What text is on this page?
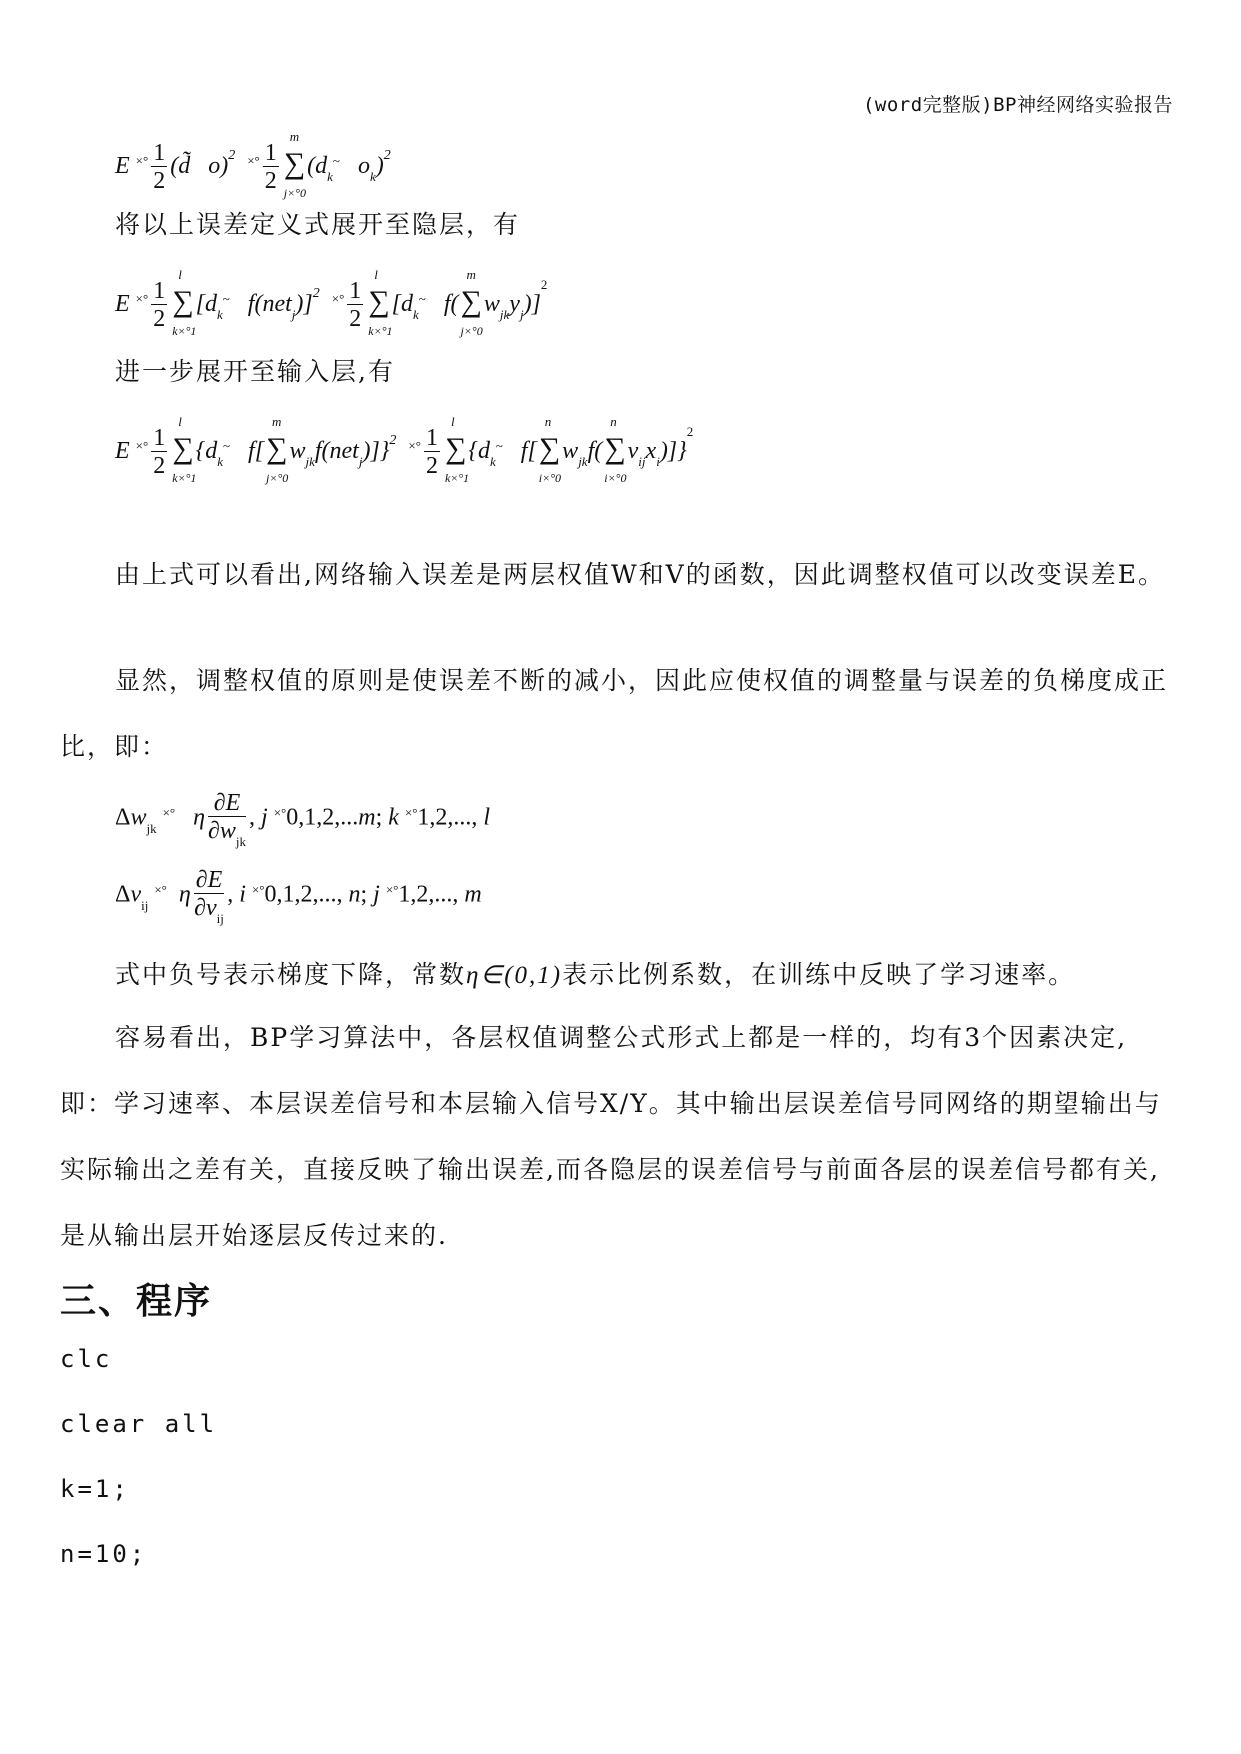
(word完整版)BP神经网络实验报告
E $^{\times^\circ} \frac{1}{2}$ (d̃ o)$^2$ $^{\times^\circ} \frac{1}{2}$ ∑
m
j×°0
($d_k^\sim$ $o_k)^2$
将以上误差定义式展开至隐层，有
E $^{\times^\circ} \frac{1}{2}$ ∑
l
k×°1
[$d_k^\sim$ f(net$_j$)]$^2$ $^{\times^\circ} \frac{1}{2}$ ∑
l
k×°1
[$d_k^\sim$ f(∑
m
j×°0
$w_{jk}y_j)]^2$
进一步展开至输入层,有
E $^{\times^\circ} \frac{1}{2}$ ∑
l
k×°1
{$d_k^\sim$ f[∑
m
j×°0
$w_{jk}f(net_j)]\}^2$ $^{\times^\circ} \frac{1}{2}$ ∑
l
k×°1
{$d_k^\sim$ f[∑
n
i×°0
$w_{jk}f(\sum$
n
i×°0
$v_{ij}x_i)]\}^2$
由上式可以看出,网络输入误差是两层权值W和V的函数，因此调整权值可以改变误差E。

显然，调整权值的原则是使误差不断的减小，因此应使权值的调整量与误差的负梯度成正比，即：

$\Delta w_{jk}$ ×° η $\frac{\partial E}{\partial w_{jk}}$ , j ×°0,1,2,...m; k ×°1,2,..., l
$\Delta v_{ij}$ ×° η $\frac{\partial E}{\partial v_{ij}}$ , i ×°0,1,2,..., n; j ×°1,2,..., m
式中负号表示梯度下降，常数η∈(0,1)表示比例系数，在训练中反映了学习速率。

容易看出，BP学习算法中，各层权值调整公式形式上都是一样的，均有3个因素决定,即：学习速率、本层误差信号和本层输入信号X/Y。其中输出层误差信号同网络的期望输出与实际输出之差有关，直接反映了输出误差,而各隐层的误差信号与前面各层的误差信号都有关,是从输出层开始逐层反传过来的.

三、程序
clc
clear all
k=1;
n=10;
